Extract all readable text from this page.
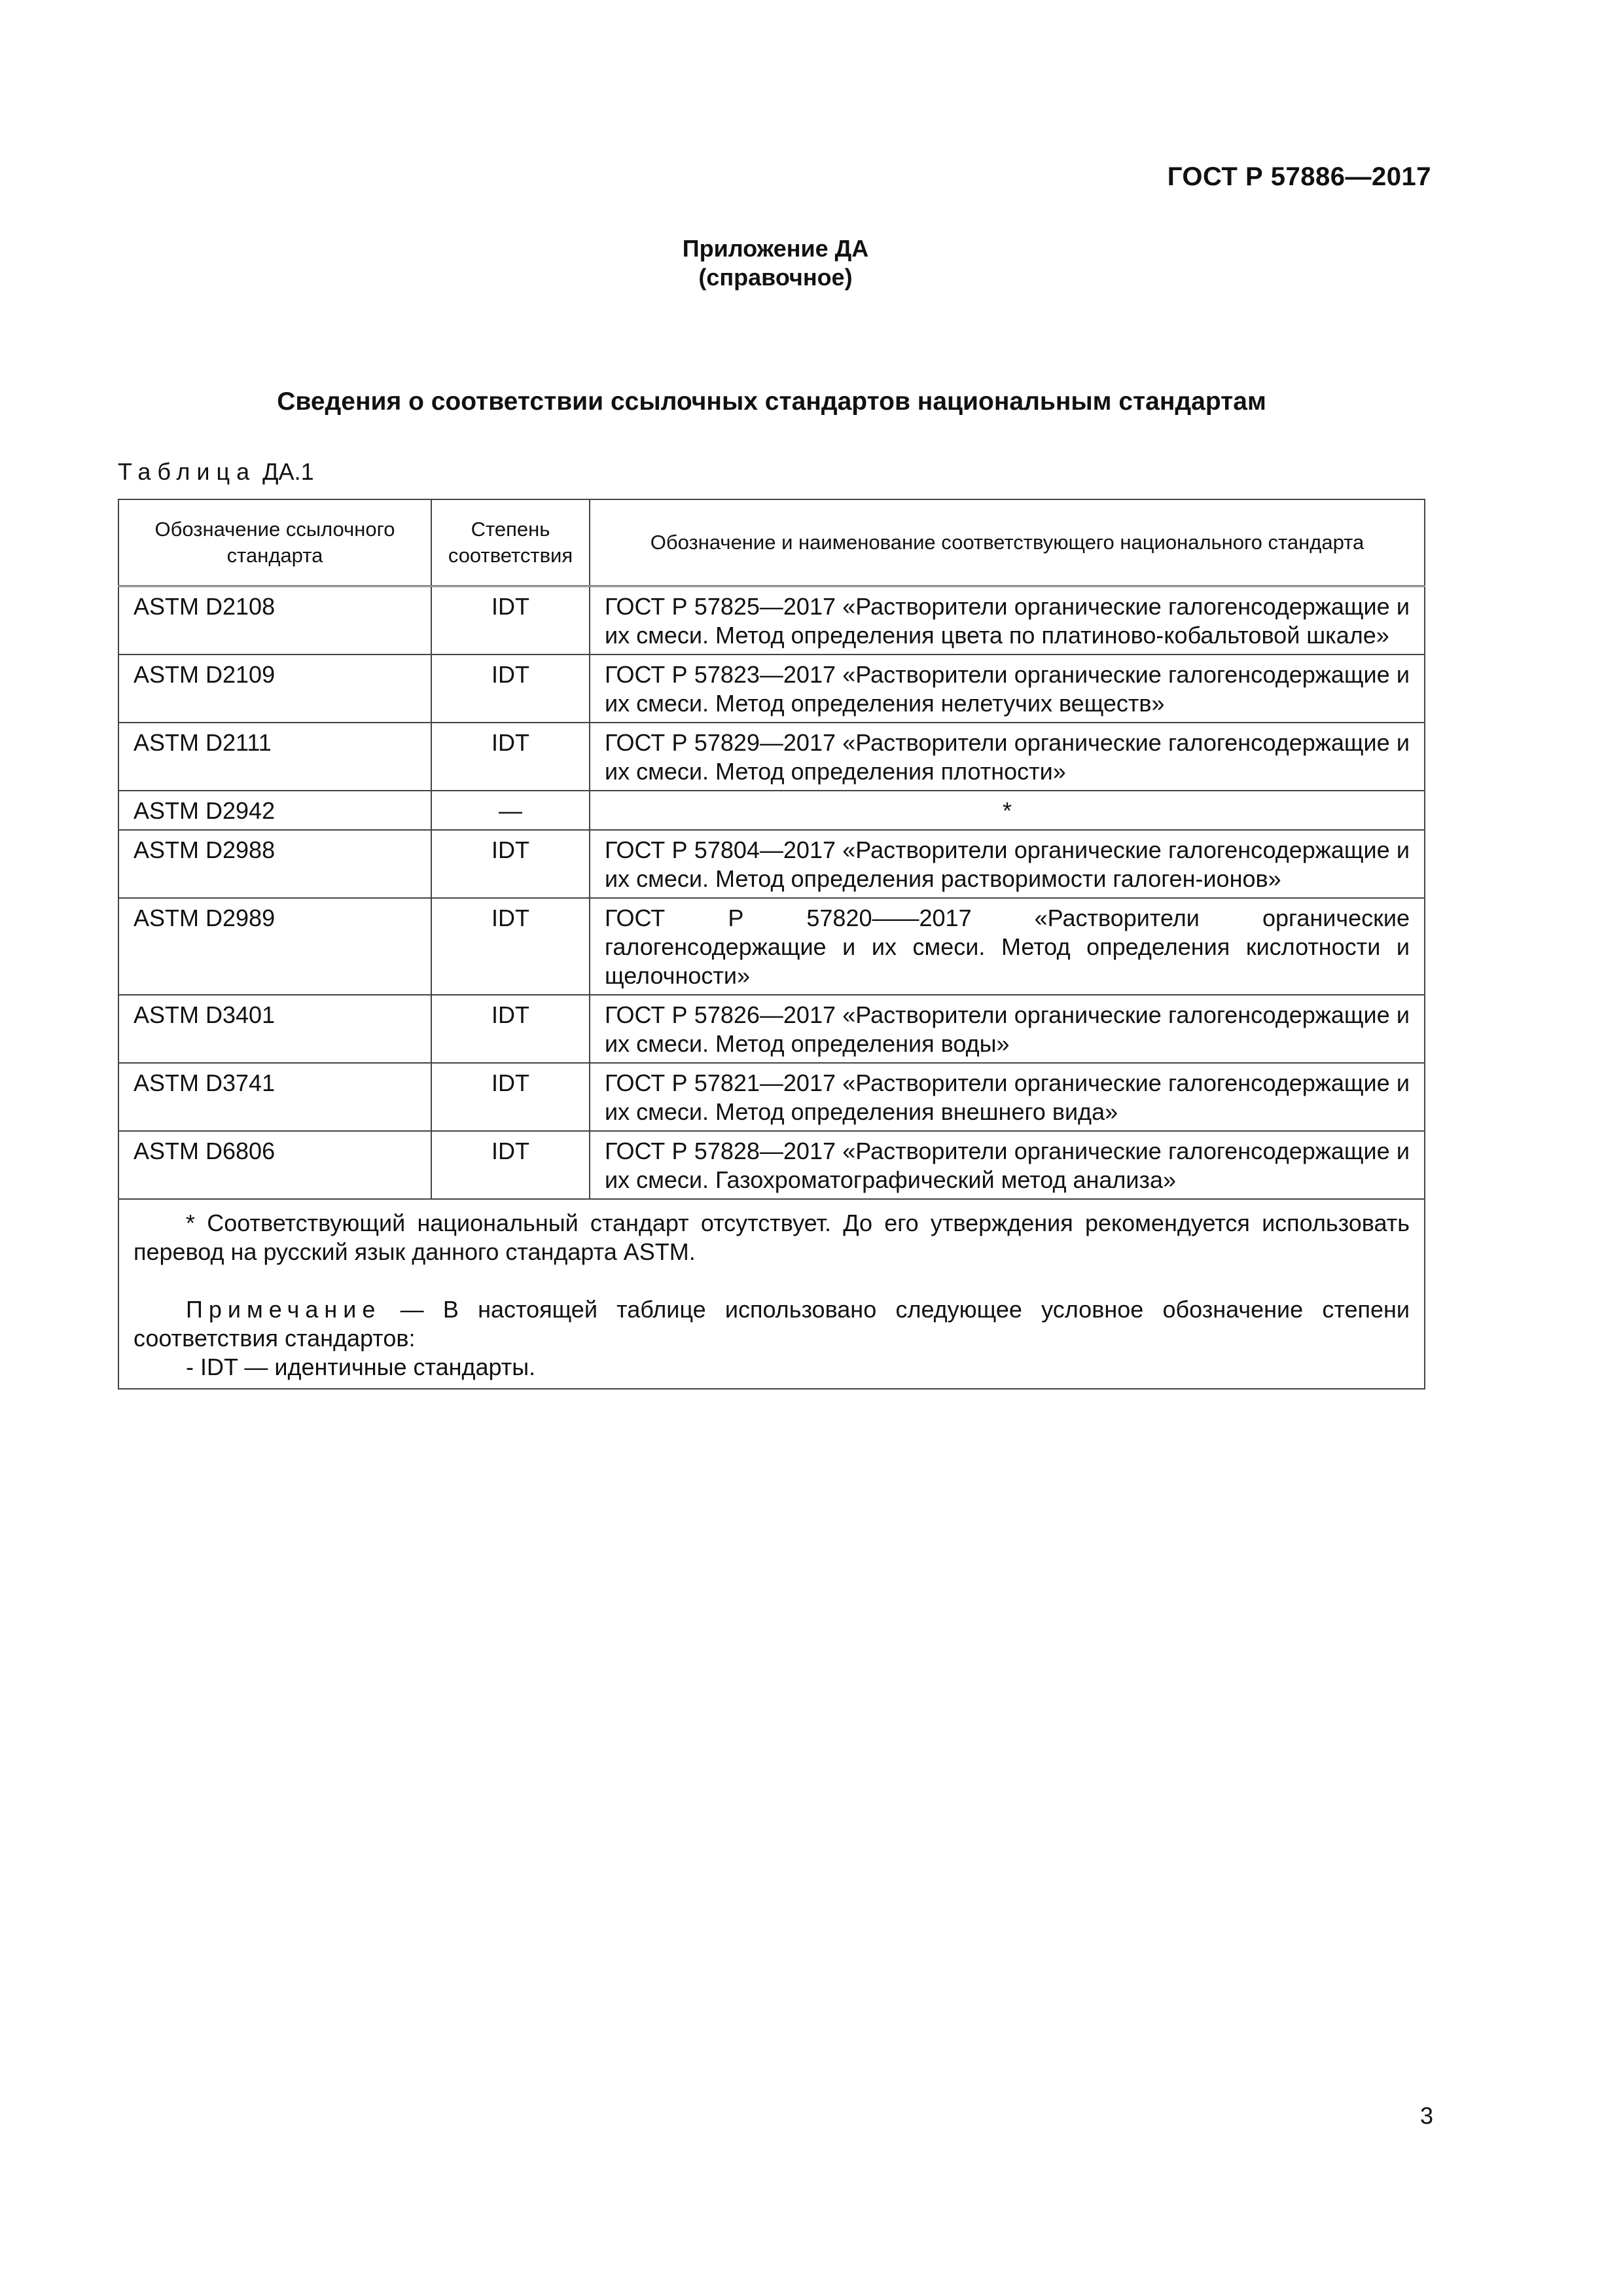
ГОСТ Р 57886—2017
Приложение ДА
(справочное)
Сведения о соответствии ссылочных стандартов национальным стандартам
Таблица ДА.1
Обозначение ссылочного стандарта	Степень соответствия	Обозначение и наименование соответствующего национального стандарта
ASTM D2108	IDT	ГОСТ Р 57825—2017 «Растворители органические галогенсодержащие и их смеси. Метод определения цвета по платиново-кобальтовой шкале»
ASTM D2109	IDT	ГОСТ Р 57823—2017 «Растворители органические галогенсодержащие и их смеси. Метод определения нелетучих веществ»
ASTM D2111	IDT	ГОСТ Р 57829—2017 «Растворители органические галогенсодержащие и их смеси. Метод определения плотности»
ASTM D2942	—	*
ASTM D2988	IDT	ГОСТ Р 57804—2017 «Растворители органические галогенсодержащие и их смеси. Метод определения растворимости галоген-ионов»
ASTM D2989	IDT	ГОСТ Р 57820——2017 «Растворители органические галогенсодержащие и их смеси. Метод определения кислотности и щелочности»
ASTM D3401	IDT	ГОСТ Р 57826—2017 «Растворители органические галогенсодержащие и их смеси. Метод определения воды»
ASTM D3741	IDT	ГОСТ Р 57821—2017 «Растворители органические галогенсодержащие и их смеси. Метод определения внешнего вида»
ASTM D6806	IDT	ГОСТ Р 57828—2017 «Растворители органические галогенсодержащие и их смеси. Газохроматографический метод анализа»

* Соответствующий национальный стандарт отсутствует. До его утверждения рекомендуется использовать перевод на русский язык данного стандарта ASTM.
Примечание — В настоящей таблице использовано следующее условное обозначение степени соответствия стандартов:
- IDT — идентичные стандарты.		
3
